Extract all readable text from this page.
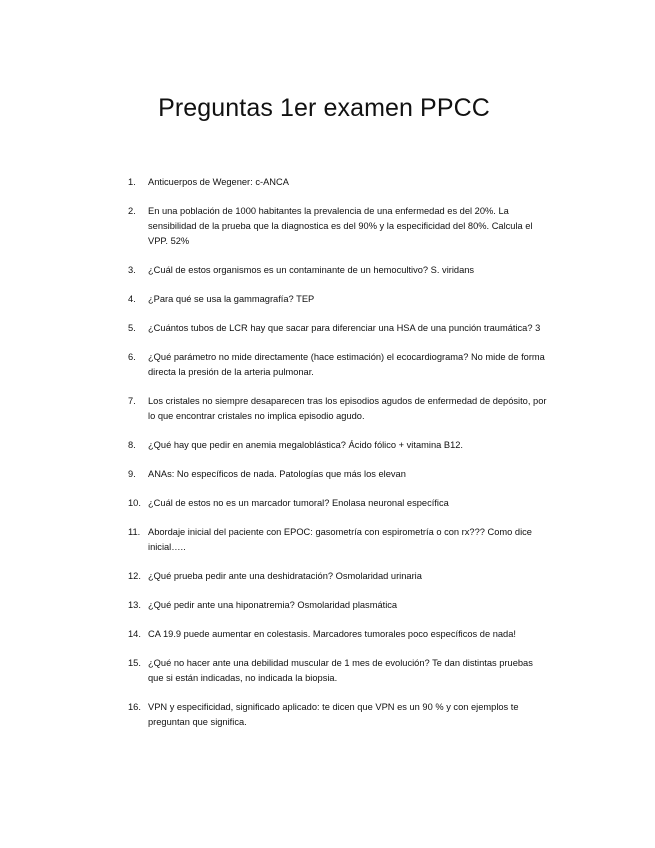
Preguntas 1er examen PPCC
1.	Anticuerpos de Wegener: c-ANCA
2.	En una población de 1000 habitantes la prevalencia de una enfermedad es del 20%. La sensibilidad de la prueba que la diagnostica es del 90% y la especificidad del 80%. Calcula el VPP. 52%
3.	¿Cuál de estos organismos es un contaminante de un hemocultivo? S. viridans
4.	¿Para qué se usa la gammagrafía? TEP
5.	¿Cuántos tubos de LCR hay que sacar para diferenciar una HSA de una punción traumática? 3
6.	¿Qué parámetro no mide directamente (hace estimación) el ecocardiograma? No mide de forma directa la presión de la arteria pulmonar.
7.	Los cristales no siempre desaparecen tras los episodios agudos de enfermedad de depósito, por lo que encontrar cristales no implica episodio agudo.
8.	¿Qué hay que pedir en anemia megaloblástica? Ácido fólico + vitamina B12.
9.	ANAs: No específicos de nada. Patologías que más los elevan
10. ¿Cuál de estos no es un marcador tumoral? Enolasa neuronal específica
11. Abordaje inicial del paciente con EPOC: gasometría con espirometría o con rx??? Como dice inicial…..
12. ¿Qué prueba pedir ante una deshidratación? Osmolaridad urinaria
13. ¿Qué pedir ante una hiponatremia? Osmolaridad plasmática
14. CA 19.9 puede aumentar en colestasis. Marcadores tumorales poco específicos de nada!
15. ¿Qué no hacer ante una debilidad muscular de 1 mes de evolución? Te dan distintas pruebas que si están indicadas, no indicada la biopsia.
16. VPN y especificidad, significado aplicado: te dicen que VPN es un 90 % y con ejemplos te preguntan que significa.
